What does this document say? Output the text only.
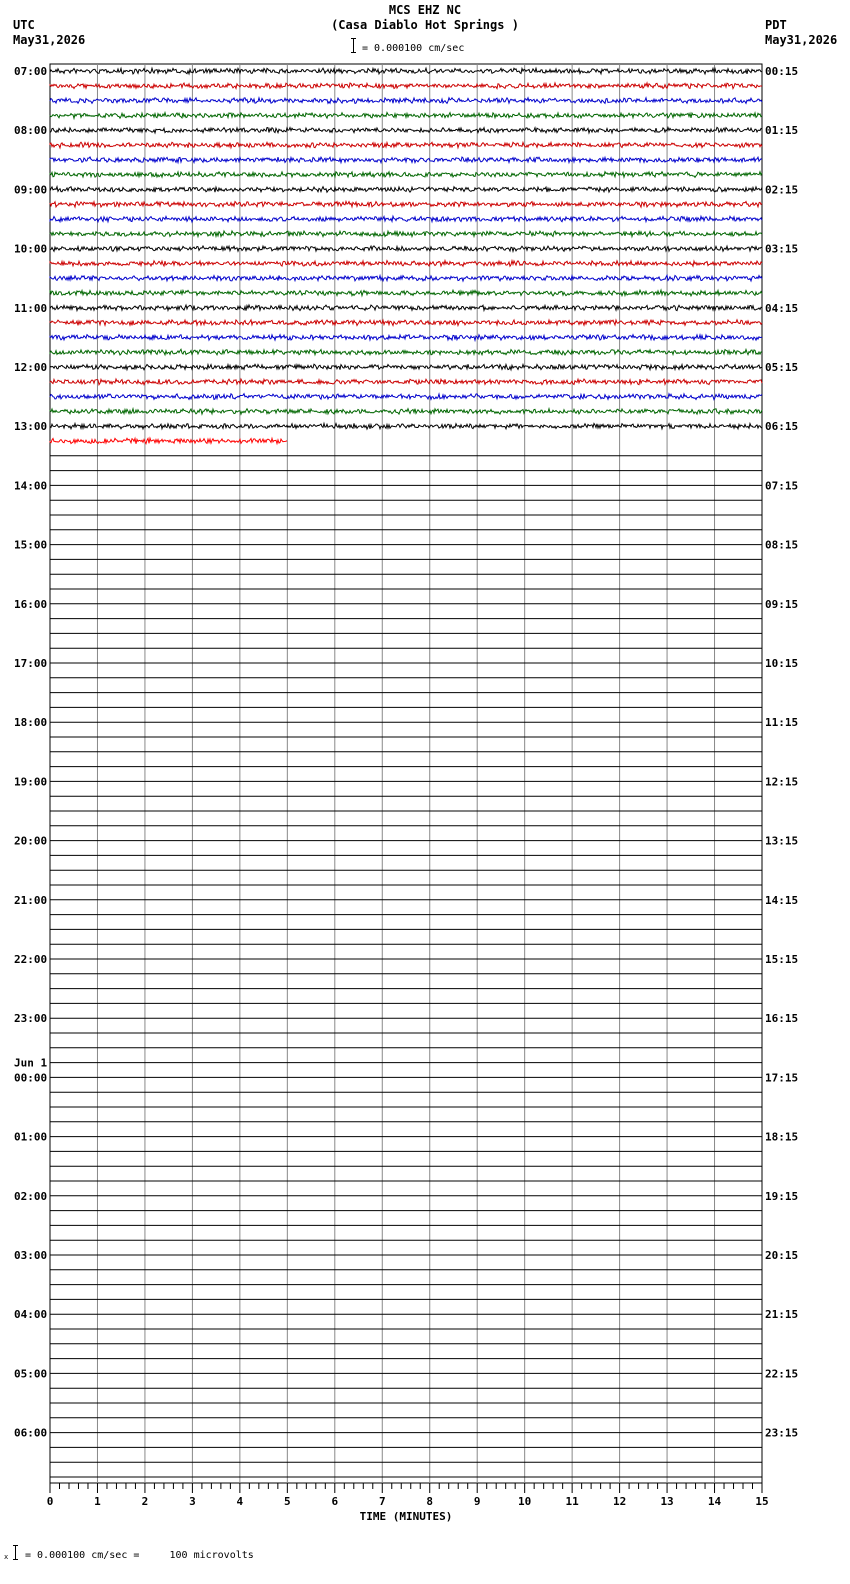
MCS EHZ NC
(Casa Diablo Hot Springs )
= 0.000100 cm/sec
UTC
May31,2026
PDT
May31,2026
07:00
08:00
09:00
10:00
11:00
12:00
13:00
14:00
15:00
16:00
17:00
18:00
19:00
20:00
21:00
22:00
23:00
00:00
01:00
02:00
03:00
04:00
05:00
06:00
00:15
01:15
02:15
03:15
04:15
05:15
06:15
07:15
08:15
09:15
10:15
11:15
12:15
13:15
14:15
15:15
16:15
17:15
18:15
19:15
20:15
21:15
22:15
23:15
Jun 1
0	1	2	3	4	5	6	7	8	9	10	11	12	13	14	15
TIME (MINUTES)
x = 0.000100 cm/sec =     100 microvolts
